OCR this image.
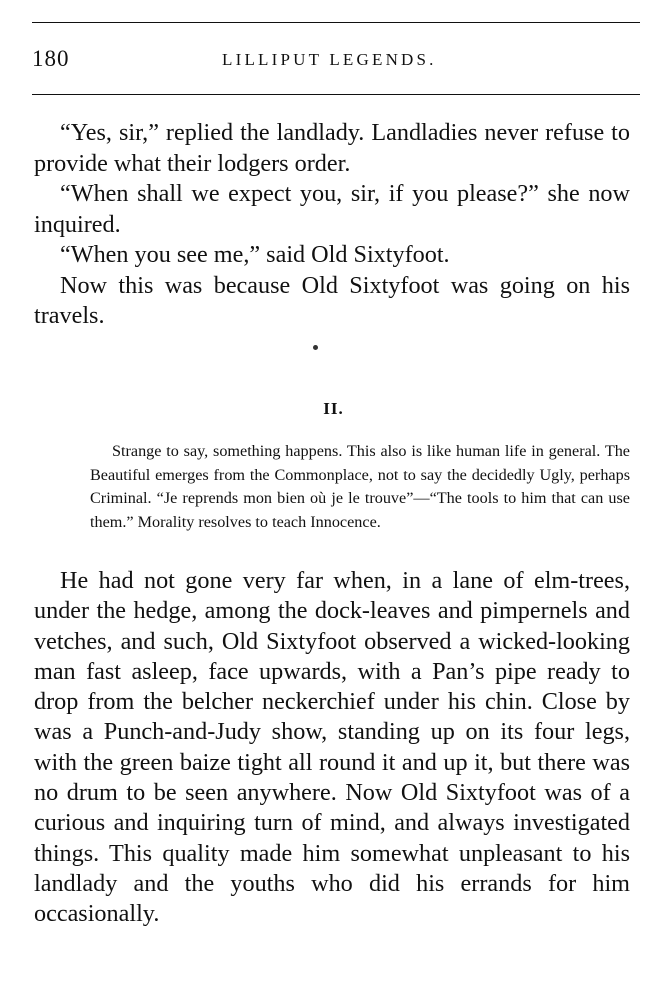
180	LILLIPUT LEGENDS.

“Yes, sir,” replied the landlady. Landladies never refuse to provide what their lodgers order.

“When shall we expect you, sir, if you please?” she now inquired.

“When you see me,” said Old Sixtyfoot.

Now this was because Old Sixtyfoot was going on his travels.

II.

Strange to say, something happens. This also is like human life in general. The Beautiful emerges from the Commonplace, not to say the decidedly Ugly, perhaps Criminal. “Je reprends mon bien où je le trouve”—“The tools to him that can use them.” Morality resolves to teach Innocence.

He had not gone very far when, in a lane of elm-trees, under the hedge, among the dock-leaves and pimpernels and vetches, and such, Old Sixtyfoot observed a wicked-looking man fast asleep, face upwards, with a Pan’s pipe ready to drop from the belcher neckerchief under his chin. Close by was a Punch-and-Judy show, standing up on its four legs, with the green baize tight all round it and up it, but there was no drum to be seen anywhere. Now Old Sixtyfoot was of a curious and inquiring turn of mind, and always investigated things. This quality made him somewhat unpleasant to his landlady and the youths who did his errands for him occasionally.
